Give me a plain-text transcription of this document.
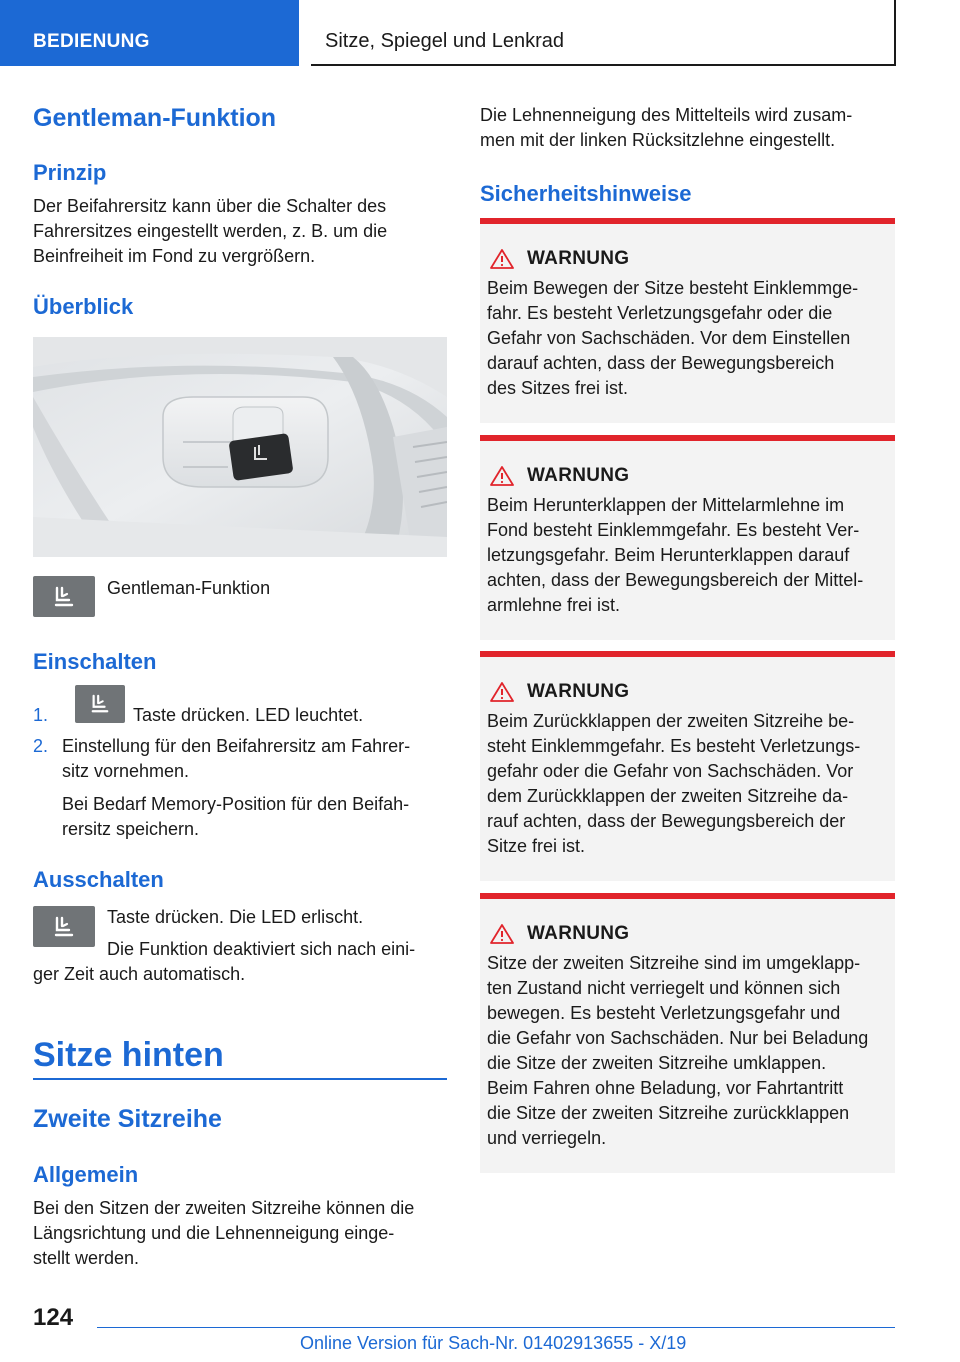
BEDIENUNG	Sitze, Spiegel und Lenkrad
Gentleman-Funktion
Prinzip
Der Beifahrersitz kann über die Schalter des
Fahrersitzes eingestellt werden, z. B. um die
Beinfreiheit im Fond zu vergrößern.
Überblick
Gentleman-Funktion
Einschalten
1.	Taste drücken. LED leuchtet.
2. Einstellung für den Beifahrersitz am Fahrer-
sitz vornehmen.
Bei Bedarf Memory-Position für den Beifah-
rersitz speichern.
Ausschalten
Taste drücken. Die LED erlischt.
Die Funktion deaktiviert sich nach eini-
ger Zeit auch automatisch.
Sitze hinten
Zweite Sitzreihe
Allgemein
Bei den Sitzen der zweiten Sitzreihe können die
Längsrichtung und die Lehnenneigung einge-
stellt werden.
Die Lehnenneigung des Mittelteils wird zusam-
men mit der linken Rücksitzlehne eingestellt.
Sicherheitshinweise
WARNUNG
Beim Bewegen der Sitze besteht Einklemmge-
fahr. Es besteht Verletzungsgefahr oder die
Gefahr von Sachschäden. Vor dem Einstellen
darauf achten, dass der Bewegungsbereich
des Sitzes frei ist.
WARNUNG
Beim Herunterklappen der Mittelarmlehne im
Fond besteht Einklemmgefahr. Es besteht Ver-
letzungsgefahr. Beim Herunterklappen darauf
achten, dass der Bewegungsbereich der Mittel-
armlehne frei ist.
WARNUNG
Beim Zurückklappen der zweiten Sitzreihe be-
steht Einklemmgefahr. Es besteht Verletzungs-
gefahr oder die Gefahr von Sachschäden. Vor
dem Zurückklappen der zweiten Sitzreihe da-
rauf achten, dass der Bewegungsbereich der
Sitze frei ist.
WARNUNG
Sitze der zweiten Sitzreihe sind im umgeklapp-
ten Zustand nicht verriegelt und können sich
bewegen. Es besteht Verletzungsgefahr und
die Gefahr von Sachschäden. Nur bei Beladung
die Sitze der zweiten Sitzreihe umklappen.
Beim Fahren ohne Beladung, vor Fahrtantritt
die Sitze der zweiten Sitzreihe zurückklappen
und verriegeln.
124
Online Version für Sach-Nr. 01402913655 - X/19
